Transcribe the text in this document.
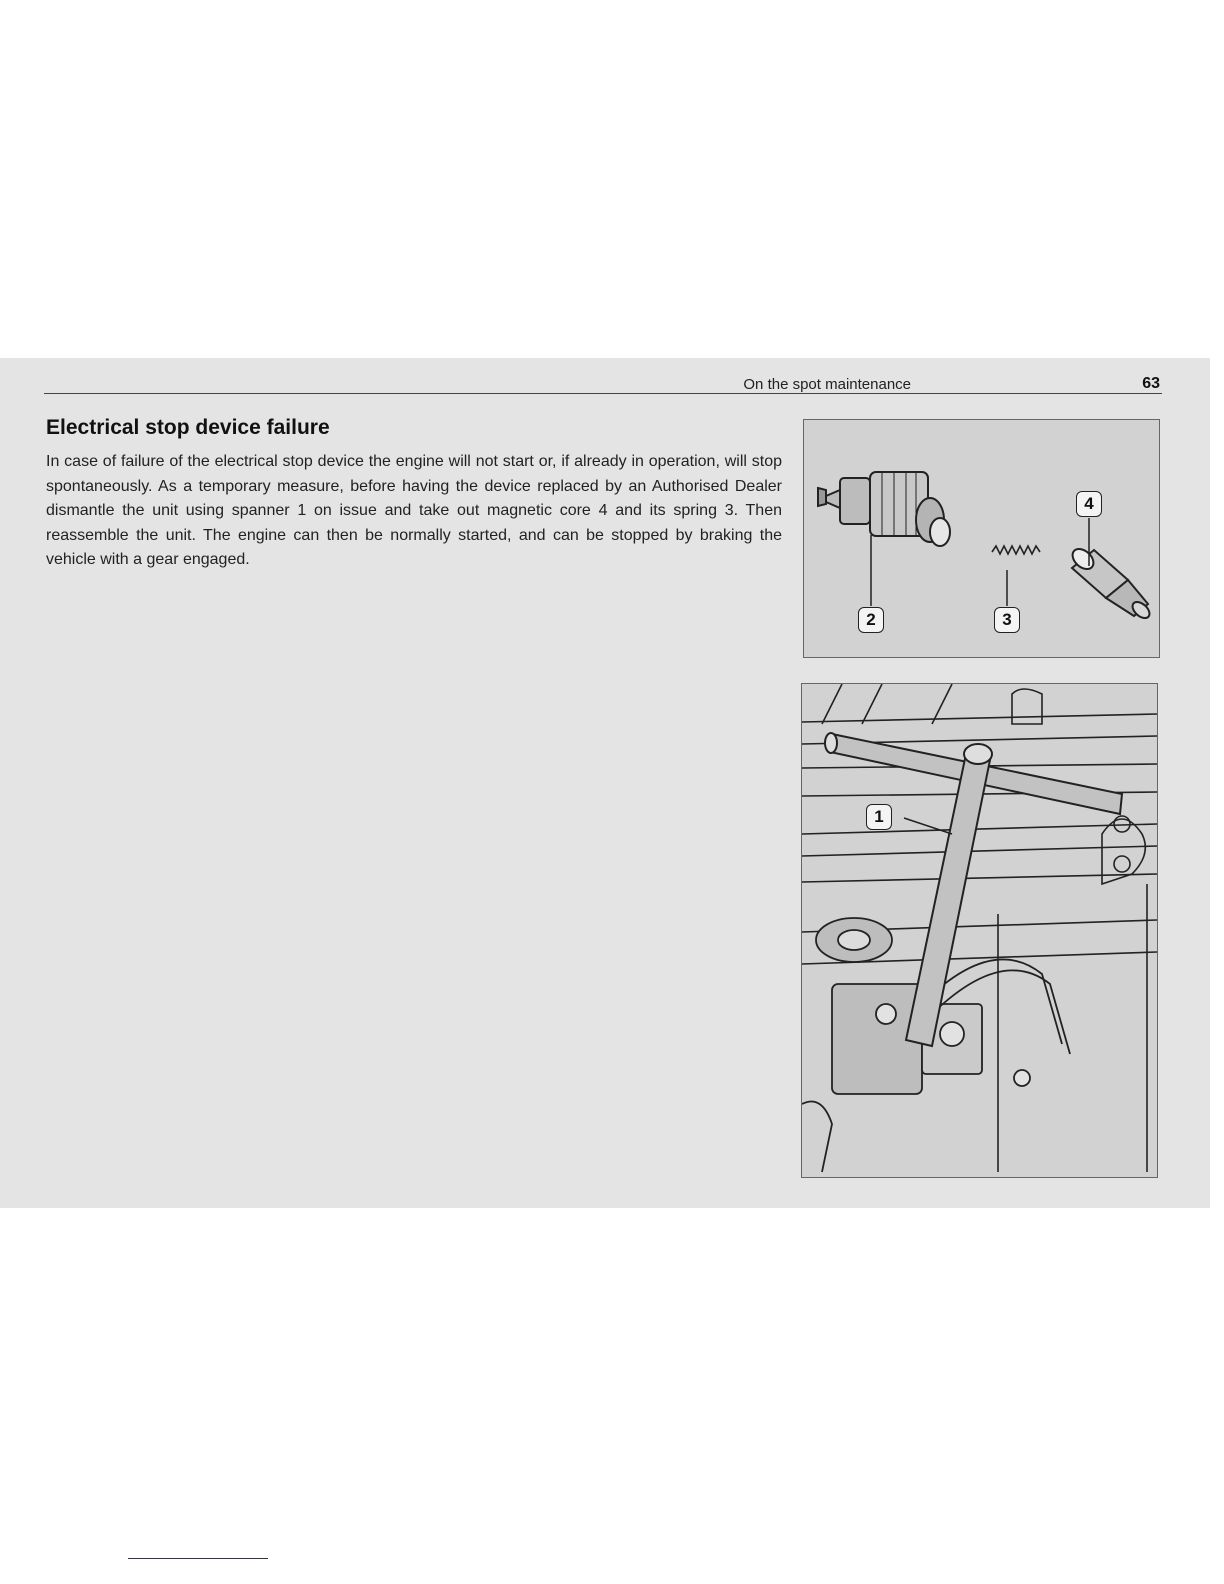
On the spot maintenance	63
Electrical stop device failure

In case of failure of the electrical stop device the engine will not start or, if already in operation, will stop spontaneously. As a temporary measure, before having the device replaced by an Authorised Dealer dismantle the unit using spanner 1 on issue and take out magnetic core 4 and its spring 3. Then reassemble the unit. The engine can then be normally started, and can be stopped by braking the vehicle with a gear engaged.

2	3
4
1
